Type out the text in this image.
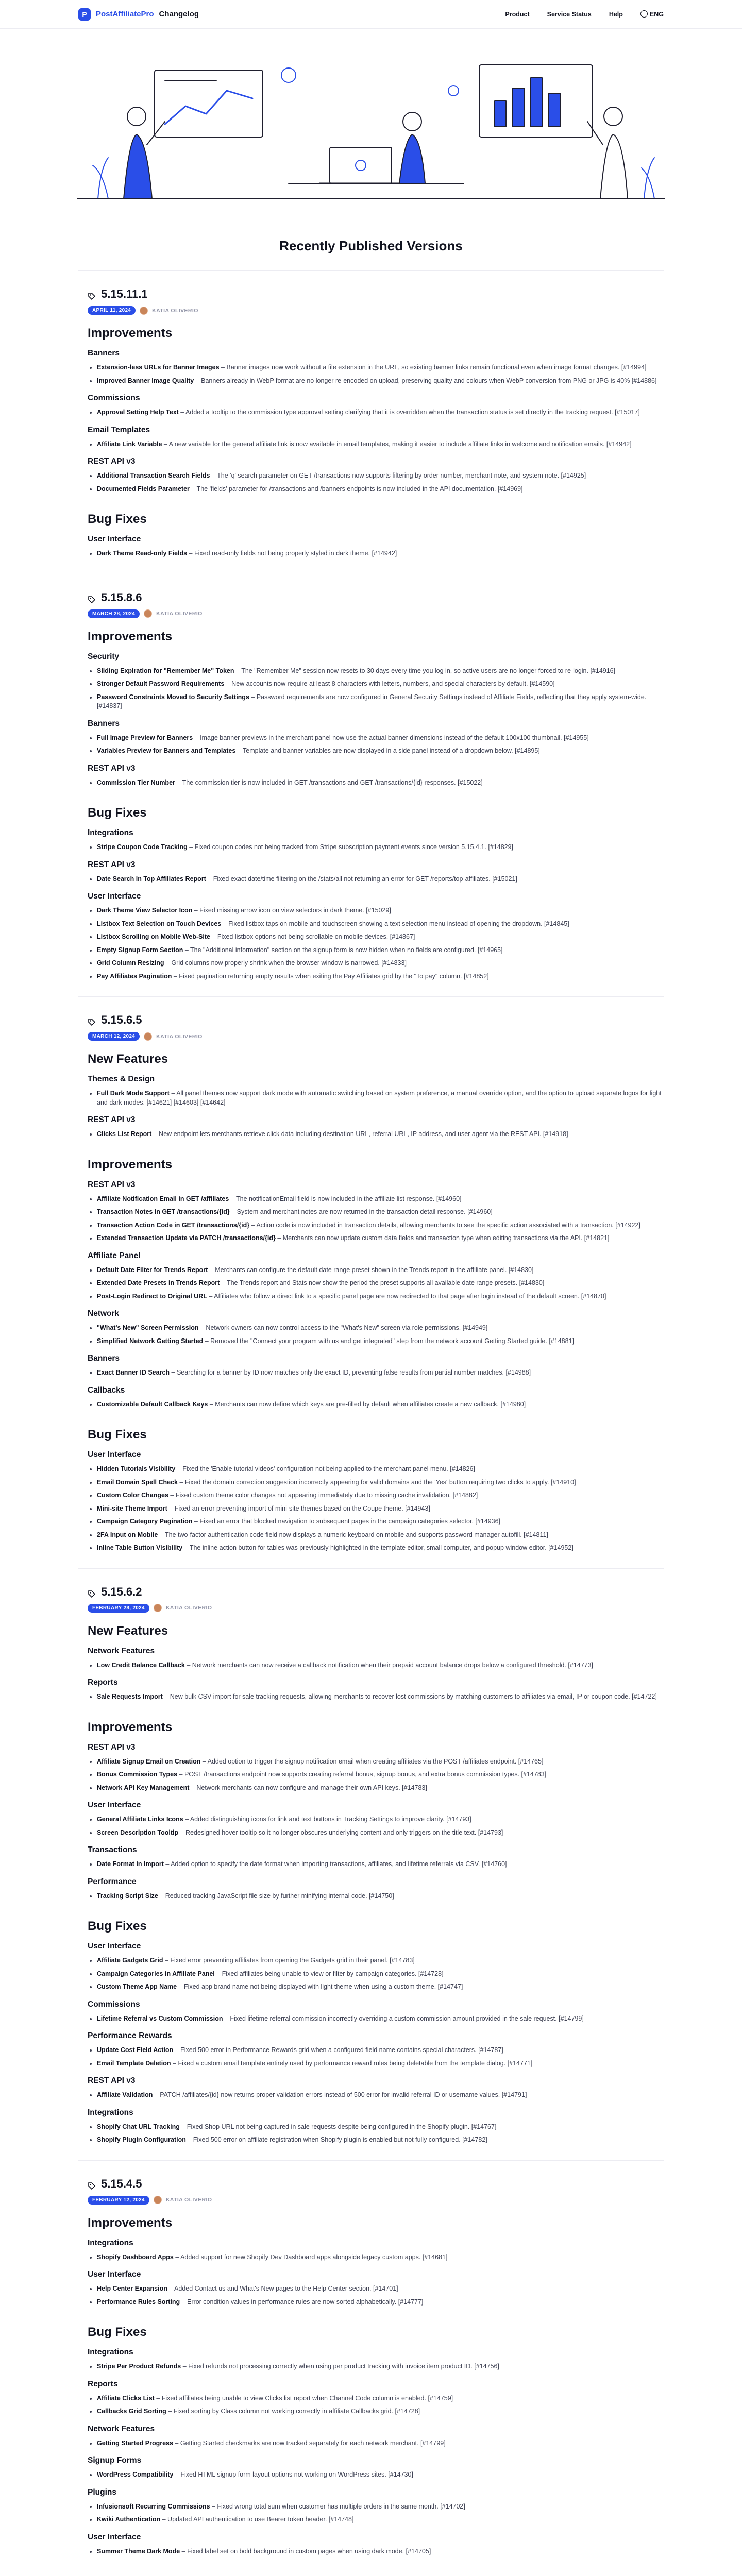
P	PostAffiliatePro Changelog	Product	Service Status	Help	ENG
Recently Published Versions
5.15.11.1
APRIL 11, 2024	KATIA OLIVERIO
Improvements
Banners
Extension-less URLs for Banner Images – Banner images now work without a file extension in the URL, so existing banner links remain functional even when image format changes. [#14994]
Improved Banner Image Quality – Banners already in WebP format are no longer re-encoded on upload, preserving quality and colours when WebP conversion from PNG or JPG is 40% [#14886]
Commissions
Approval Setting Help Text – Added a tooltip to the commission type approval setting clarifying that it is overridden when the transaction status is set directly in the tracking request. [#15017]
Email Templates
Affiliate Link Variable – A new variable for the general affiliate link is now available in email templates, making it easier to include affiliate links in welcome and notification emails. [#14942]
REST API v3
Additional Transaction Search Fields – The 'q' search parameter on GET /transactions now supports filtering by order number, merchant note, and system note. [#14925]
Documented Fields Parameter – The 'fields' parameter for /transactions and /banners endpoints is now included in the API documentation. [#14969]
Bug Fixes
User Interface
Dark Theme Read-only Fields – Fixed read-only fields not being properly styled in dark theme. [#14942]
5.15.8.6
MARCH 28, 2024	KATIA OLIVERIO
Improvements
Security
Sliding Expiration for "Remember Me" Token – The "Remember Me" session now resets to 30 days every time you log in, so active users are no longer forced to re-login. [#14916]
Stronger Default Password Requirements – New accounts now require at least 8 characters with letters, numbers, and special characters by default. [#14590]
Password Constraints Moved to Security Settings – Password requirements are now configured in General Security Settings instead of Affiliate Fields, reflecting that they apply system-wide. [#14837]
Banners
Full Image Preview for Banners – Image banner previews in the merchant panel now use the actual banner dimensions instead of the default 100x100 thumbnail. [#14955]
Variables Preview for Banners and Templates – Template and banner variables are now displayed in a side panel instead of a dropdown below. [#14895]
REST API v3
Commission Tier Number – The commission tier is now included in GET /transactions and GET /transactions/{id} responses. [#15022]
Bug Fixes
Integrations
Stripe Coupon Code Tracking – Fixed coupon codes not being tracked from Stripe subscription payment events since version 5.15.4.1. [#14829]
REST API v3
Date Search in Top Affiliates Report – Fixed exact date/time filtering on the /stats/all not returning an error for GET /reports/top-affiliates. [#15021]
User Interface
Dark Theme View Selector Icon – Fixed missing arrow icon on view selectors in dark theme. [#15029]
Listbox Text Selection on Touch Devices – Fixed listbox taps on mobile and touchscreen showing a text selection menu instead of opening the dropdown. [#14845]
Listbox Scrolling on Mobile Web-Site – Fixed listbox options not being scrollable on mobile devices. [#14867]
Empty Signup Form Section – The "Additional information" section on the signup form is now hidden when no fields are configured. [#14965]
Grid Column Resizing – Grid columns now properly shrink when the browser window is narrowed. [#14833]
Pay Affiliates Pagination – Fixed pagination returning empty results when exiting the Pay Affiliates grid by the "To pay" column. [#14852]
5.15.6.5
MARCH 12, 2024	KATIA OLIVERIO
New Features
Themes & Design
Full Dark Mode Support – All panel themes now support dark mode with automatic switching based on system preference, a manual override option, and the option to upload separate logos for light and dark modes. [#14621] [#14603] [#14642]
REST API v3
Clicks List Report – New endpoint lets merchants retrieve click data including destination URL, referral URL, IP address, and user agent via the REST API. [#14918]
Improvements
REST API v3
Affiliate Notification Email in GET /affiliates – The notificationEmail field is now included in the affiliate list response. [#14960]
Transaction Notes in GET /transactions/{id} – System and merchant notes are now returned in the transaction detail response. [#14960]
Transaction Action Code in GET /transactions/{id} – Action code is now included in transaction details, allowing merchants to see the specific action associated with a transaction. [#14922]
Extended Transaction Update via PATCH /transactions/{id} – Merchants can now update custom data fields and transaction type when editing transactions via the API. [#14821]
Affiliate Panel
Default Date Filter for Trends Report – Merchants can configure the default date range preset shown in the Trends report in the affiliate panel. [#14830]
Extended Date Presets in Trends Report – The Trends report and Stats now show the period the preset supports all available date range presets. [#14830]
Post-Login Redirect to Original URL – Affiliates who follow a direct link to a specific panel page are now redirected to that page after login instead of the default screen. [#14870]
Network
"What's New" Screen Permission – Network owners can now control access to the "What's New" screen via role permissions. [#14949]
Simplified Network Getting Started – Removed the "Connect your program with us and get integrated" step from the network account Getting Started guide. [#14881]
Banners
Exact Banner ID Search – Searching for a banner by ID now matches only the exact ID, preventing false results from partial number matches. [#14988]
Callbacks
Customizable Default Callback Keys – Merchants can now define which keys are pre-filled by default when affiliates create a new callback. [#14980]
Bug Fixes
User Interface
Hidden Tutorials Visibility – Fixed the 'Enable tutorial videos' configuration not being applied to the merchant panel menu. [#14826]
Email Domain Spell Check – Fixed the domain correction suggestion incorrectly appearing for valid domains and the 'Yes' button requiring two clicks to apply. [#14910]
Custom Color Changes – Fixed custom theme color changes not appearing immediately due to missing cache invalidation. [#14882]
Mini-site Theme Import – Fixed an error preventing import of mini-site themes based on the Coupe theme. [#14943]
Campaign Category Pagination – Fixed an error that blocked navigation to subsequent pages in the campaign categories selector. [#14936]
2FA Input on Mobile – The two-factor authentication code field now displays a numeric keyboard on mobile and supports password manager autofill. [#14811]
Inline Table Button Visibility – The inline action button for tables was previously highlighted in the template editor, small computer, and popup window editor. [#14952]
5.15.6.2
FEBRUARY 28, 2024	KATIA OLIVERIO
New Features
Network Features
Low Credit Balance Callback – Network merchants can now receive a callback notification when their prepaid account balance drops below a configured threshold. [#14773]
Reports
Sale Requests Import – New bulk CSV import for sale tracking requests, allowing merchants to recover lost commissions by matching customers to affiliates via email, IP or coupon code. [#14722]
Improvements
REST API v3
Affiliate Signup Email on Creation – Added option to trigger the signup notification email when creating affiliates via the POST /affiliates endpoint. [#14765]
Bonus Commission Types – POST /transactions endpoint now supports creating referral bonus, signup bonus, and extra bonus commission types. [#14783]
Network API Key Management – Network merchants can now configure and manage their own API keys. [#14783]
User Interface
General Affiliate Links Icons – Added distinguishing icons for link and text buttons in Tracking Settings to improve clarity. [#14793]
Screen Description Tooltip – Redesigned hover tooltip so it no longer obscures underlying content and only triggers on the title text. [#14793]
Transactions
Date Format in Import – Added option to specify the date format when importing transactions, affiliates, and lifetime referrals via CSV. [#14760]
Performance
Tracking Script Size – Reduced tracking JavaScript file size by further minifying internal code. [#14750]
Bug Fixes
User Interface
Affiliate Gadgets Grid – Fixed error preventing affiliates from opening the Gadgets grid in their panel. [#14783]
Campaign Categories in Affiliate Panel – Fixed affiliates being unable to view or filter by campaign categories. [#14728]
Custom Theme App Name – Fixed app brand name not being displayed with light theme when using a custom theme. [#14747]
Commissions
Lifetime Referral vs Custom Commission – Fixed lifetime referral commission incorrectly overriding a custom commission amount provided in the sale request. [#14799]
Performance Rewards
Update Cost Field Action – Fixed 500 error in Performance Rewards grid when a configured field name contains special characters. [#14787]
Email Template Deletion – Fixed a custom email template entirely used by performance reward rules being deletable from the template dialog. [#14771]
REST API v3
Affiliate Validation – PATCH /affiliates/{id} now returns proper validation errors instead of 500 error for invalid referral ID or username values. [#14791]
Integrations
Shopify Chat URL Tracking – Fixed Shop URL not being captured in sale requests despite being configured in the Shopify plugin. [#14767]
Shopify Plugin Configuration – Fixed 500 error on affiliate registration when Shopify plugin is enabled but not fully configured. [#14782]
5.15.4.5
FEBRUARY 12, 2024	KATIA OLIVERIO
Improvements
Integrations
Shopify Dashboard Apps – Added support for new Shopify Dev Dashboard apps alongside legacy custom apps. [#14681]
User Interface
Help Center Expansion – Added Contact us and What's New pages to the Help Center section. [#14701]
Performance Rules Sorting – Error condition values in performance rules are now sorted alphabetically. [#14777]
Bug Fixes
Integrations
Stripe Per Product Refunds – Fixed refunds not processing correctly when using per product tracking with invoice item product ID. [#14756]
Reports
Affiliate Clicks List – Fixed affiliates being unable to view Clicks list report when Channel Code column is enabled. [#14759]
Callbacks Grid Sorting – Fixed sorting by Class column not working correctly in affiliate Callbacks grid. [#14728]
Network Features
Getting Started Progress – Getting Started checkmarks are now tracked separately for each network merchant. [#14799]
Signup Forms
WordPress Compatibility – Fixed HTML signup form layout options not working on WordPress sites. [#14730]
Plugins
Infusionsoft Recurring Commissions – Fixed wrong total sum when customer has multiple orders in the same month. [#14702]
Kwiki Authentication – Updated API authentication to use Bearer token header. [#14748]
User Interface
Summer Theme Dark Mode – Fixed label set on bold background in custom pages when using dark mode. [#14705]
